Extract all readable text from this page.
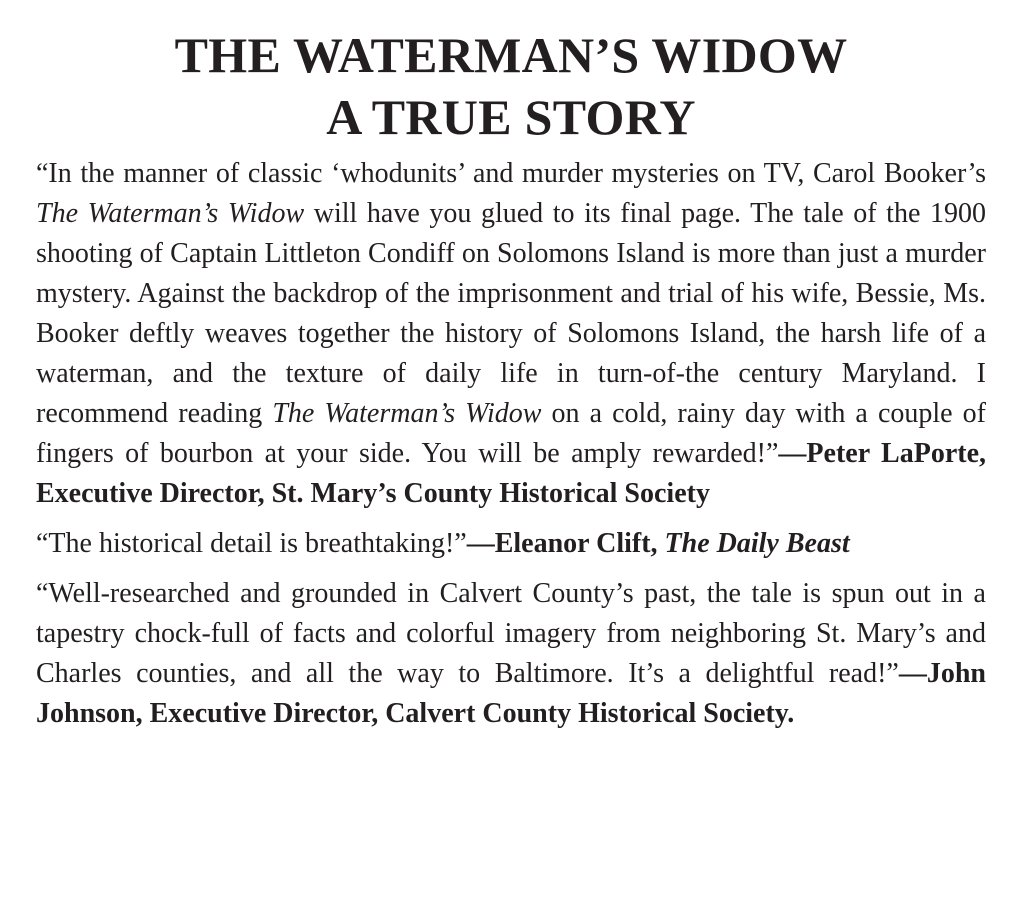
THE WATERMAN’S WIDOW
A TRUE STORY

“In the manner of classic ‘whodunits’ and murder mysteries on TV, Carol Booker’s The Waterman’s Widow will have you glued to its final page. The tale of the 1900 shooting of Captain Littleton Condiff on Solomons Island is more than just a murder mystery. Against the backdrop of the imprisonment and trial of his wife, Bessie, Ms. Booker deftly weaves together the history of Solomons Island, the harsh life of a waterman, and the texture of daily life in turn-of-the century Maryland. I recommend reading The Waterman’s Widow on a cold, rainy day with a couple of fingers of bourbon at your side. You will be amply rewarded!”—Peter LaPorte, Executive Director, St. Mary’s County Historical Society

“The historical detail is breathtaking!”—Eleanor Clift, The Daily Beast

“Well-researched and grounded in Calvert County’s past, the tale is spun out in a tapestry chock-full of facts and colorful imagery from neighboring St. Mary’s and Charles counties, and all the way to Baltimore. It’s a delightful read!”—John Johnson, Executive Director, Calvert County Historical Society.
